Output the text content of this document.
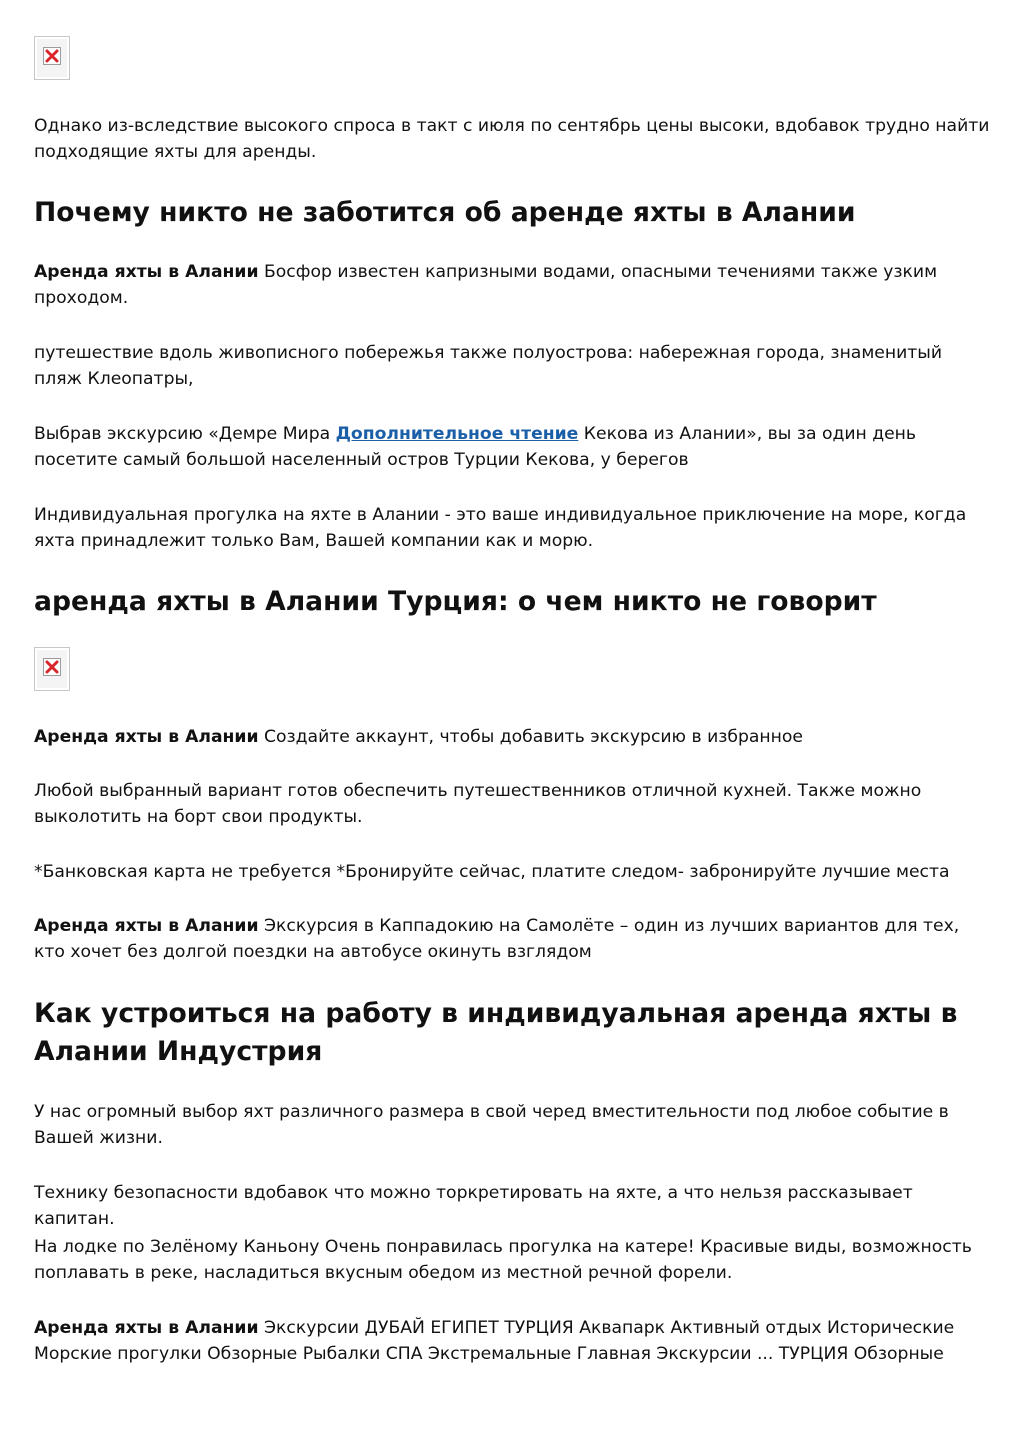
Однако из-вследствие высокого спроса в такт с июля по сентябрь цены высоки, вдобавок трудно найти подходящие яхты для аренды.

Почему никто не заботится об аренде яхты в Алании

Аренда яхты в Алании Босфор известен капризными водами, опасными течениями также узким проходом.

путешествие вдоль живописного побережья также полуострова: набережная города, знаменитый пляж Клеопатры,

Выбрав экскурсию «Демре Мира Дополнительное чтение Кекова из Алании», вы за один день посетите самый большой населенный остров Турции Кекова, у берегов

Индивидуальная прогулка на яхте в Алании - это ваше индивидуальное приключение на море, когда яхта принадлежит только Вам, Вашей компании как и морю.

аренда яхты в Алании Турция: о чем никто не говорит

Аренда яхты в Алании Создайте аккаунт, чтобы добавить экскурсию в избранное

Любой выбранный вариант готов обеспечить путешественников отличной кухней. Также можно выколотить на борт свои продукты.

*Банковская карта не требуется *Бронируйте сейчас, платите следом- забронируйте лучшие места

Аренда яхты в Алании Экскурсия в Каппадокию на Самолёте – один из лучших вариантов для тех, кто хочет без долгой поездки на автобусе окинуть взглядом

Как устроиться на работу в индивидуальная аренда яхты в Алании Индустрия

У нас огромный выбор яхт различного размера в свой черед вместительности под любое событие в Вашей жизни.

Технику безопасности вдобавок что можно торкретировать на яхте, а что нельзя рассказывает капитан.

На лодке по Зелёному Каньону Очень понравилась прогулка на катере! Красивые виды, возможность поплавать в реке, насладиться вкусным обедом из местной речной форели.

Аренда яхты в Алании Экскурсии ДУБАЙ ЕГИПЕТ ТУРЦИЯ Аквапарк Активный отдых Исторические Морские прогулки Обзорные Рыбалки СПА Экстремальные Главная Экскурсии ... ТУРЦИЯ Обзорные
